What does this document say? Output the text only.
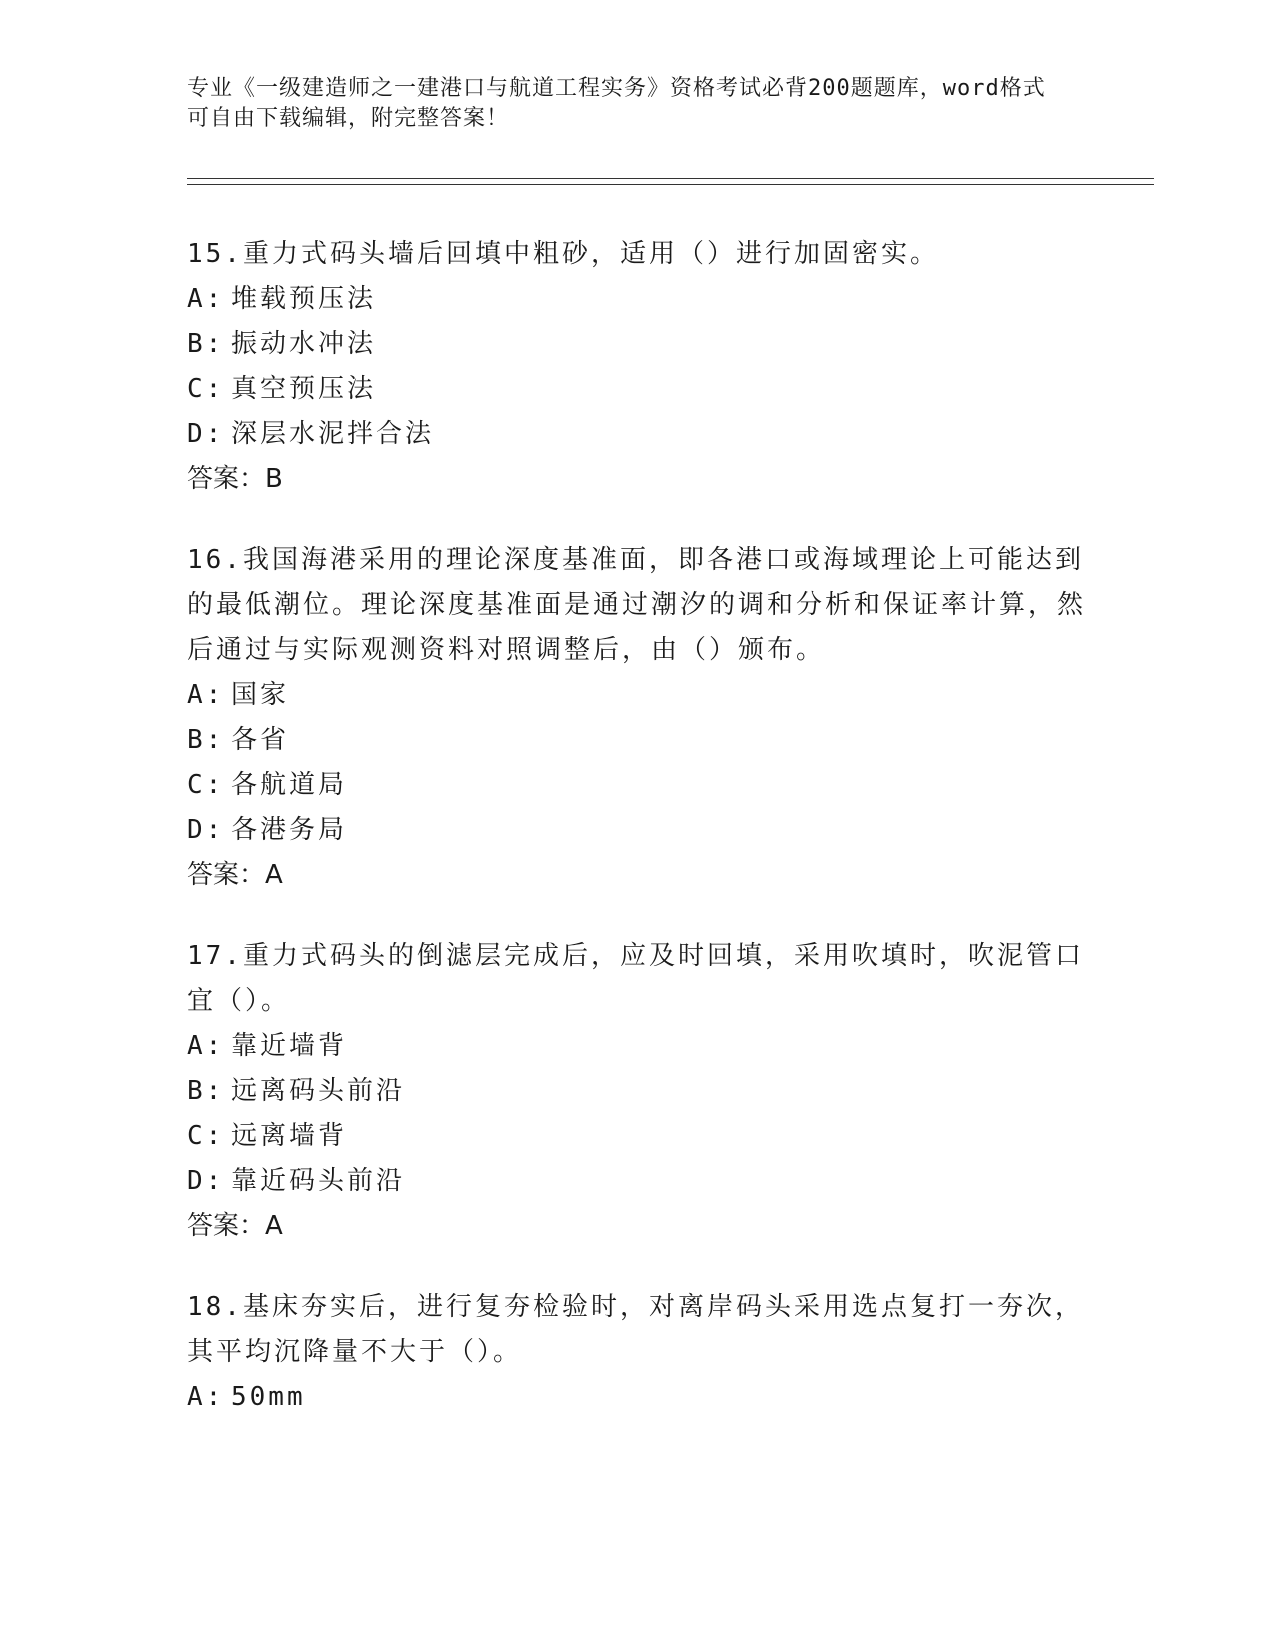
专业《一级建造师之一建港口与航道工程实务》资格考试必背200题题库，word格式可自由下载编辑，附完整答案！

15.重力式码头墙后回填中粗砂，适用（）进行加固密实。

A: 堆载预压法

B: 振动水冲法

C: 真空预压法

D: 深层水泥拌合法

答案：B

16.我国海港采用的理论深度基准面，即各港口或海域理论上可能达到的最低潮位。理论深度基准面是通过潮汐的调和分析和保证率计算，然后通过与实际观测资料对照调整后，由（）颁布。

A: 国家

B: 各省

C: 各航道局

D: 各港务局

答案：A

17.重力式码头的倒滤层完成后，应及时回填，采用吹填时，吹泥管口宜（）。

A: 靠近墙背

B: 远离码头前沿

C: 远离墙背

D: 靠近码头前沿

答案：A

18.基床夯实后，进行复夯检验时，对离岸码头采用选点复打一夯次，其平均沉降量不大于（）。

A: 50mm
